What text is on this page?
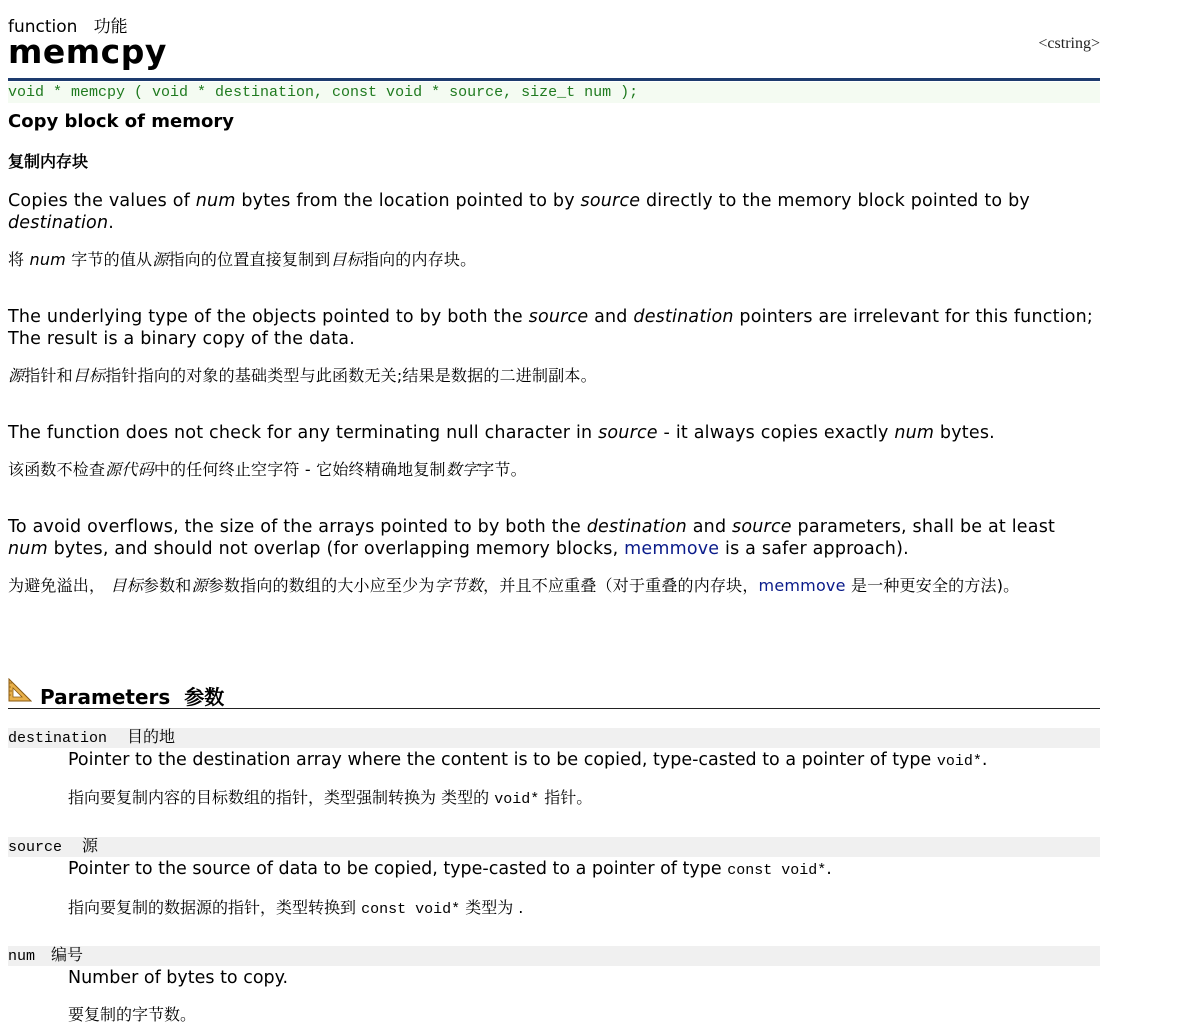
function 功能
memcpy	<cstring>
void * memcpy ( void * destination, const void * source, size_t num );
Copy block of memory
复制内存块
Copies the values of num bytes from the location pointed to by source directly to the memory block pointed to by destination.
将 num 字节的值从源指向的位置直接复制到目标指向的内存块。
The underlying type of the objects pointed to by both the source and destination pointers are irrelevant for this function; The result is a binary copy of the data.
源指针和目标指针指向的对象的基础类型与此函数无关;结果是数据的二进制副本。
The function does not check for any terminating null character in source - it always copies exactly num bytes.
该函数不检查源代码中的任何终止空字符 - 它始终精确地复制数字字节。
To avoid overflows, the size of the arrays pointed to by both the destination and source parameters, shall be at least num bytes, and should not overlap (for overlapping memory blocks, memmove is a safer approach).
为避免溢出， 目标参数和源参数指向的数组的大小应至少为字节数，并且不应重叠（对于重叠的内存块，memmove 是一种更安全的方法)。
Parameters 参数
destination 目的地
Pointer to the destination array where the content is to be copied, type-casted to a pointer of type void*.
指向要复制内容的目标数组的指针，类型强制转换为 类型的 void* 指针。
source 源
Pointer to the source of data to be copied, type-casted to a pointer of type const void*.
指向要复制的数据源的指针，类型转换到 const void* 类型为 .
num 编号
Number of bytes to copy.
要复制的字节数。
